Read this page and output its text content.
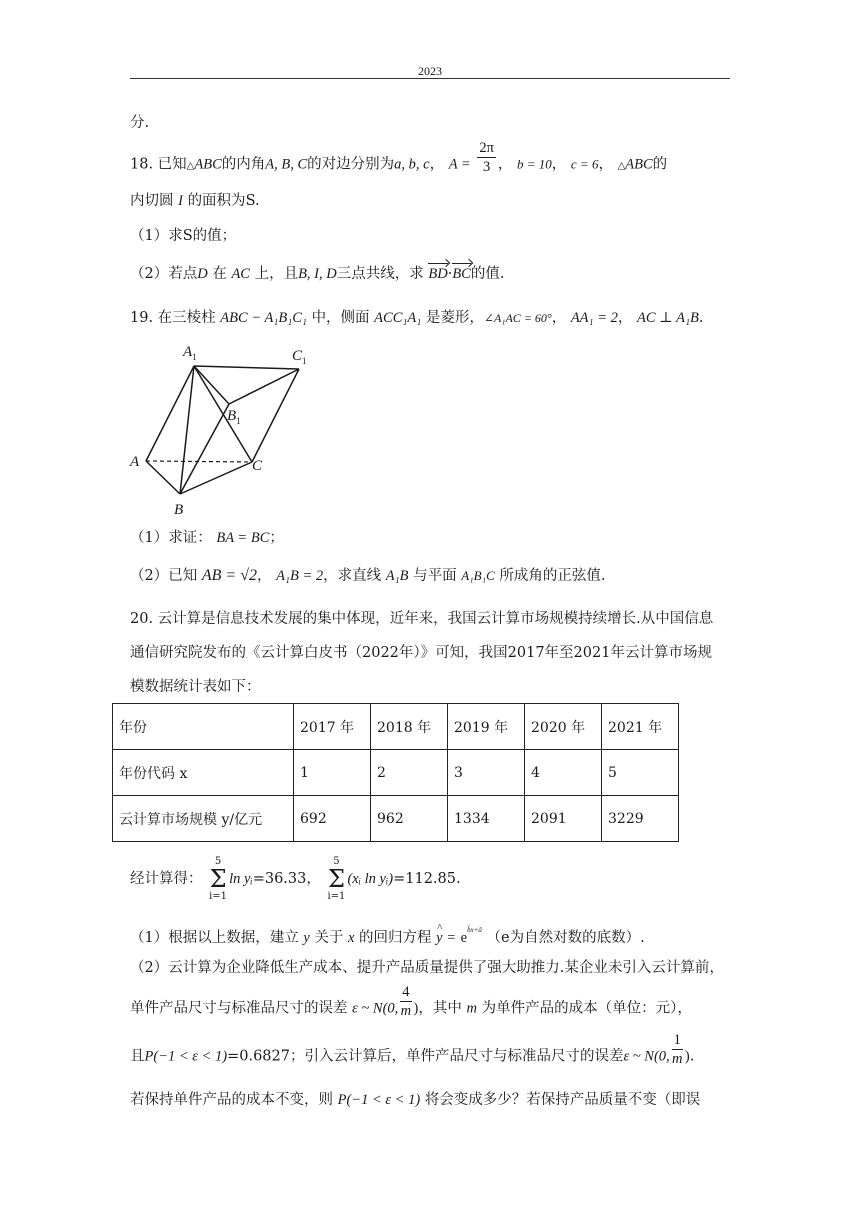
2023
分.
18. 已知△ABC的内角A, B, C的对边分别为a, b, c， $A = \frac{2\pi}{3}$ ， b = 10， c = 6， △ABC的
内切圆 I 的面积为S.
（1）求S的值；
（2）若点D 在 AC 上，且B, I, D三点共线，求 BD·BC的值.
19. 在三棱柱 ABC − A₁B₁C₁ 中，侧面 ACC₁A₁ 是菱形，∠A₁AC = 60°， AA₁ = 2， AC ⊥ A₁B.
$A_1$	$C_1$
$B_1$
A	C
B
（1）求证： BA = BC；
（2）已知 AB = √2， A₁B = 2，求直线 A₁B 与平面 A₁B₁C 所成角的正弦值.
20. 云计算是信息技术发展的集中体现，近年来，我国云计算市场规模持续增长.从中国信息
通信研究院发布的《云计算白皮书（2022年）》可知，我国2017年至2021年云计算市场规
模数据统计表如下：
年份	2017 年	2018 年	2019 年	2020 年	2021 年
年份代码 x	1	2	3	4	5
云计算市场规模 y/亿元	692	962	1334	2091	3229
经计算得：
5
Σ
i=1
ln yᵢ=36.33，
5
Σ
i=1
(xᵢ ln yᵢ)=112.85.
（1）根据以上数据，建立 y 关于 x 的回归方程 ^ $y = e^{b̂x+â}$ （e为自然对数的底数）.
（2）云计算为企业降低生产成本、提升产品质量提供了强大助推力.某企业未引入云计算前，
单件产品尺寸与标准品尺寸的误差 ε ~ N(0, $\frac{4}{m}$ )，其中 m 为单件产品的成本（单位：元），
且P(−1 < ε < 1)=0.6827；引入云计算后，单件产品尺寸与标准品尺寸的误差ε ~ N(0, $\frac{1}{m}$ ).
若保持单件产品的成本不变，则 P(−1 < ε < 1) 将会变成多少？若保持产品质量不变（即误
